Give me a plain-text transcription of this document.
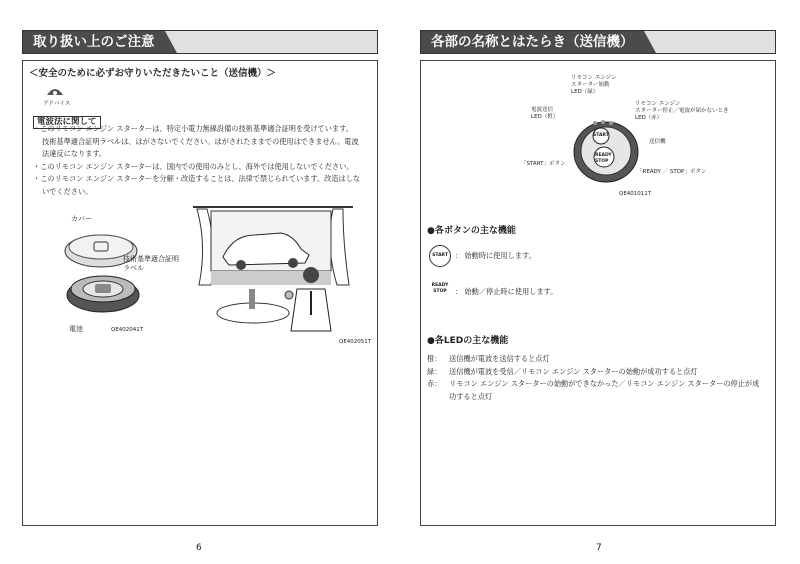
取り扱い上のご注意
＜安全のために必ずお守りいただきたいこと（送信機）＞
アドバイス
電波法に関して
・このリモコン エンジン スターターは、特定小電力無線設備の技術基準適合証明を受けています。
技術基準適合証明ラベルは、はがさないでください。はがされたままでの使用はできません。電波
法違反になります。
・このリモコン エンジン スターターは、国内での使用のみとし、海外では使用しないでください。
・このリモコン エンジン スターターを分解・改造することは、法律で禁じられています。改造はしな
いでください。
カバー
技術基準適合証明
ラベル
電池	QE402041T
QE402051T
6
各部の名称とはたらき（送信機）
START
READY
STOP
リモコン エンジン
スターター始動
LED（緑）
電波送信
LED（橙）
リモコン エンジン
スターター停止／電波が届かないとき
LED（赤）
送信機
「START」ボタン
「READY ／ STOP」ボタン
QE401011T
●各ボタンの主な機能
START ： 始動時に使用します。
READY
STOP	： 始動／停止時に使用します。
●各LEDの主な機能
橙： 送信機が電波を送信すると点灯
緑： 送信機が電波を受信／リモコン エンジン スターターの始動が成功すると点灯
赤： リモコン エンジン スターターの始動ができなかった／リモコン エンジン スターターの停止が成
功すると点灯
7
